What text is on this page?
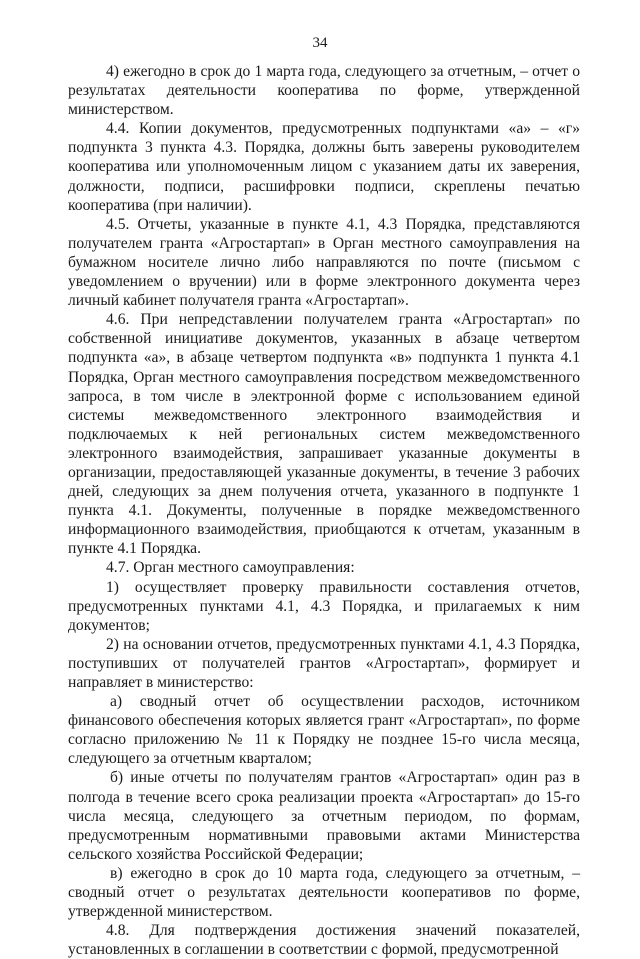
34

4) ежегодно в срок до 1 марта года, следующего за отчетным, – отчет о результатах деятельности кооператива по форме, утвержденной министерством.

4.4. Копии документов, предусмотренных подпунктами «а» – «г» подпункта 3 пункта 4.3. Порядка, должны быть заверены руководителем кооператива или уполномоченным лицом с указанием даты их заверения, должности, подписи, расшифровки подписи, скреплены печатью кооператива (при наличии).

4.5. Отчеты, указанные в пункте 4.1, 4.3 Порядка, представляются получателем гранта «Агростартап» в Орган местного самоуправления на бумажном носителе лично либо направляются по почте (письмом с уведомлением о вручении) или в форме электронного документа через личный кабинет получателя гранта «Агростартап».

4.6. При непредставлении получателем гранта «Агростартап» по собственной инициативе документов, указанных в абзаце четвертом подпункта «а», в абзаце четвертом подпункта «в» подпункта 1 пункта 4.1 Порядка, Орган местного самоуправления посредством межведомственного запроса, в том числе в электронной форме с использованием единой системы межведомственного электронного взаимодействия и подключаемых к ней региональных систем межведомственного электронного взаимодействия, запрашивает указанные документы в организации, предоставляющей указанные документы, в течение 3 рабочих дней, следующих за днем получения отчета, указанного в подпункте 1 пункта 4.1. Документы, полученные в порядке межведомственного информационного взаимодействия, приобщаются к отчетам, указанным в пункте 4.1 Порядка.

4.7. Орган местного самоуправления:

1) осуществляет проверку правильности составления отчетов, предусмотренных пунктами 4.1, 4.3 Порядка, и прилагаемых к ним документов;

2) на основании отчетов, предусмотренных пунктами 4.1, 4.3 Порядка, поступивших от получателей грантов «Агростартап», формирует и направляет в министерство:

а) сводный отчет об осуществлении расходов, источником финансового обеспечения которых является грант «Агростартап», по форме согласно приложению № 11 к Порядку не позднее 15-го числа месяца, следующего за отчетным кварталом;

б) иные отчеты по получателям грантов «Агростартап» один раз в полгода в течение всего срока реализации проекта «Агростартап» до 15-го числа месяца, следующего за отчетным периодом, по формам, предусмотренным нормативными правовыми актами Министерства сельского хозяйства Российской Федерации;

в) ежегодно в срок до 10 марта года, следующего за отчетным, – сводный отчет о результатах деятельности кооперативов по форме, утвержденной министерством.

4.8. Для подтверждения достижения значений показателей, установленных в соглашении в соответствии с формой, предусмотренной
